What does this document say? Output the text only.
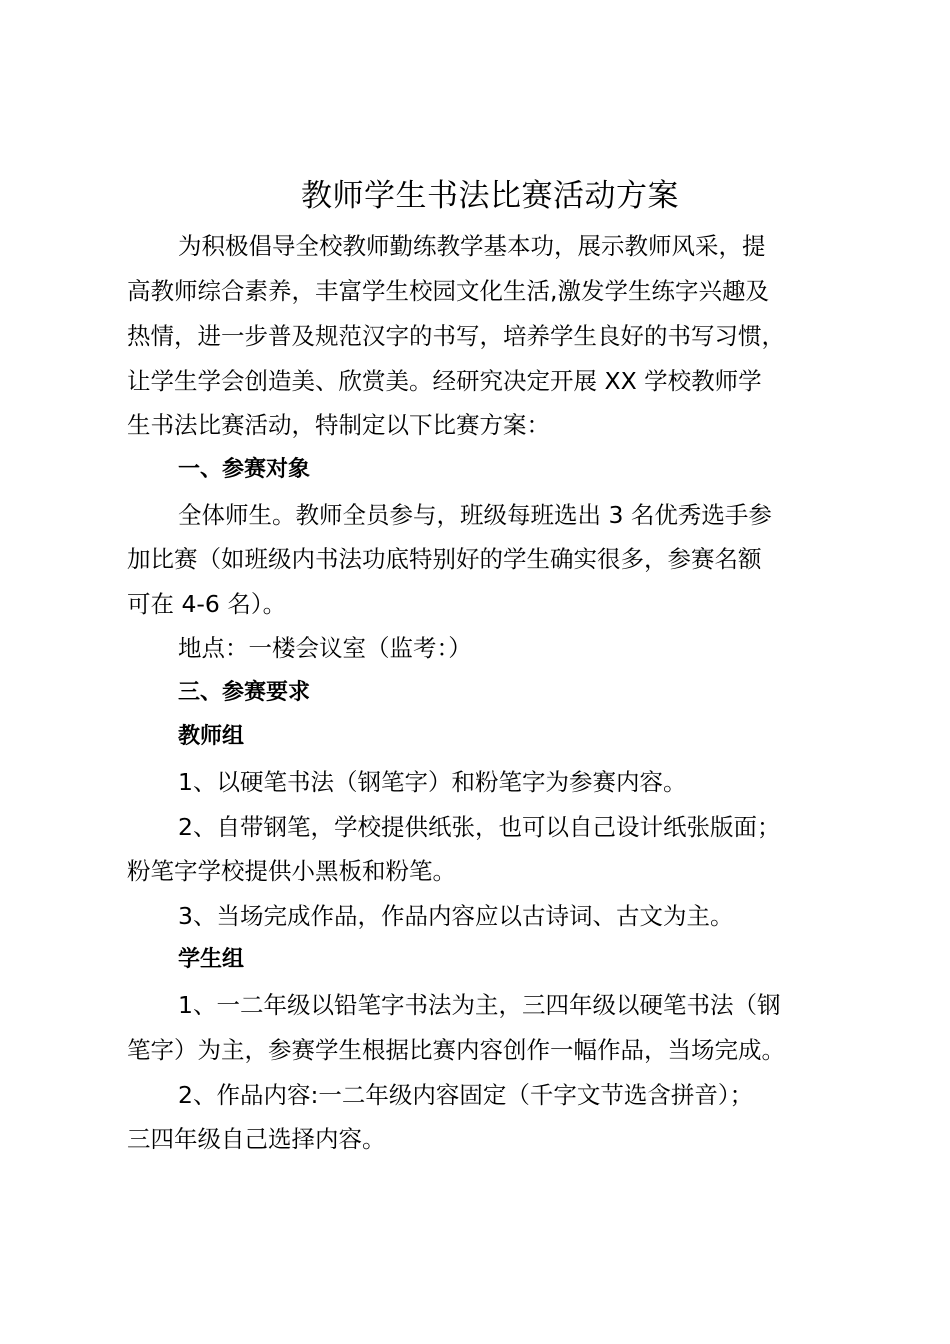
教师学生书法比赛活动方案
为积极倡导全校教师勤练教学基本功，展示教师风采，提
高教师综合素养，丰富学生校园文化生活,激发学生练字兴趣及
热情，进一步普及规范汉字的书写，培养学生良好的书写习惯，
让学生学会创造美、欣赏美。经研究决定开展 XX 学校教师学
生书法比赛活动，特制定以下比赛方案：
一、参赛对象
全体师生。教师全员参与，班级每班选出 3 名优秀选手参
加比赛（如班级内书法功底特别好的学生确实很多，参赛名额
可在 4-6 名）。
地点：一楼会议室（监考：）
三、参赛要求
教师组
1、以硬笔书法（钢笔字）和粉笔字为参赛内容。
2、自带钢笔，学校提供纸张，也可以自己设计纸张版面；
粉笔字学校提供小黑板和粉笔。
3、当场完成作品，作品内容应以古诗词、古文为主。
学生组
1、一二年级以铅笔字书法为主，三四年级以硬笔书法（钢
笔字）为主，参赛学生根据比赛内容创作一幅作品，当场完成。
2、作品内容:一二年级内容固定（千字文节选含拼音）；
三四年级自己选择内容。
